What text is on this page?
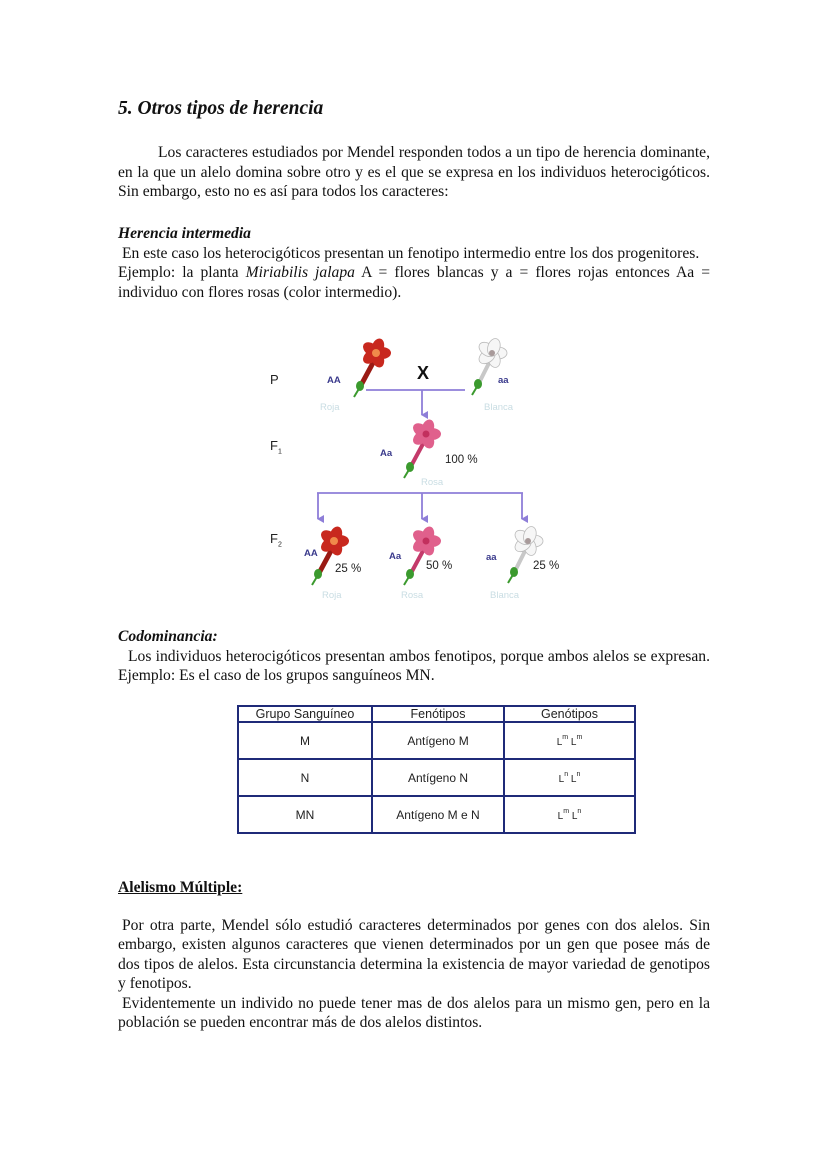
5. Otros tipos de herencia

Los caracteres estudiados por Mendel responden todos a un tipo de herencia dominante, en la que un alelo domina sobre otro y es el que se expresa en los individuos heterocigóticos. Sin embargo, esto no es así para todos los caracteres:

Herencia intermedia
En este caso los heterocigóticos presentan un fenotipo intermedio entre los dos progenitores.
Ejemplo: la planta Miriabilis jalapa A = flores blancas y a = flores rojas entonces Aa = individuo con flores rosas (color intermedio).
P
$F_1$
$F_2$
X
AA
Roja
aa
Blanca
Aa
100 %
Rosa
AA
25 %
Roja
Aa
50 %
Rosa
aa
25 %
Blanca
Codominancia:
Los individuos heterocigóticos presentan ambos fenotipos, porque ambos alelos se expresan. Ejemplo: Es el caso de los grupos sanguíneos MN.
Grupo Sanguíneo	Fenótipos	Genótipos
M	Antígeno M	$L^m$ $L^m$
N	Antígeno N	$L^n$ $L^n$
MN	Antígeno M e N	$L^m$ $L^n$
Alelismo Múltiple:
Por otra parte, Mendel sólo estudió caracteres determinados por genes con dos alelos. Sin embargo, existen algunos caracteres que vienen determinados por un gen que posee más de dos tipos de alelos. Esta circunstancia determina la existencia de mayor variedad de genotipos y fenotipos.
Evidentemente un individo no puede tener mas de dos alelos para un mismo gen, pero en la población se pueden encontrar más de dos alelos distintos.
